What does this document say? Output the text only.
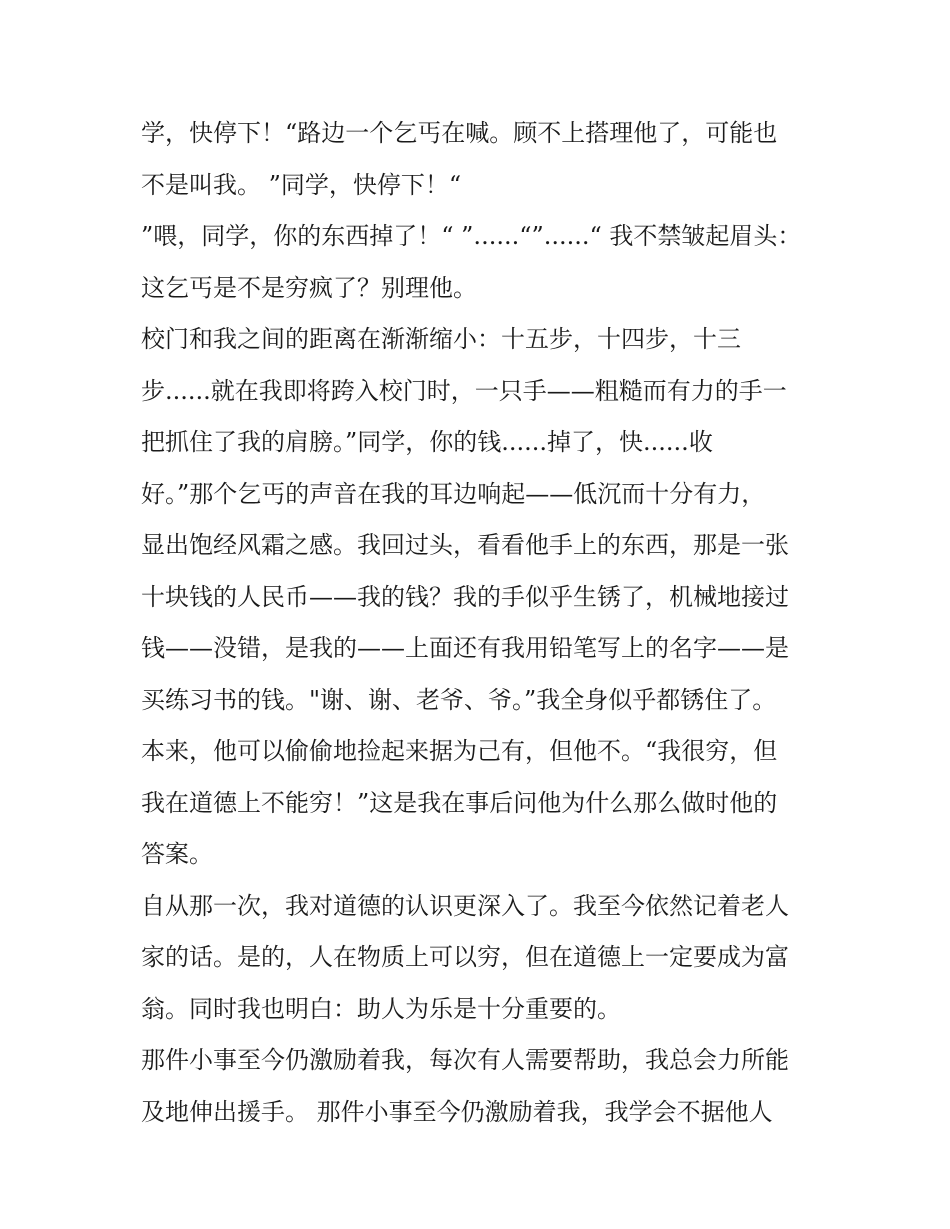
学，快停下！“路边一个乞丐在喊。顾不上搭理他了，可能也
不是叫我。 ”同学，快停下！“
”喂，同学，你的东西掉了！“ ”......“”......“ 我不禁皱起眉头：
这乞丐是不是穷疯了？别理他。
校门和我之间的距离在渐渐缩小：十五步，十四步，十三
步......就在我即将跨入校门时，一只手——粗糙而有力的手一
把抓住了我的肩膀。”同学，你的钱......掉了，快......收
好。”那个乞丐的声音在我的耳边响起——低沉而十分有力，
显出饱经风霜之感。我回过头，看看他手上的东西，那是一张
十块钱的人民币——我的钱？我的手似乎生锈了，机械地接过
钱——没错，是我的——上面还有我用铅笔写上的名字——是
买练习书的钱。"谢、谢、老爷、爷。”我全身似乎都锈住了。
本来，他可以偷偷地捡起来据为己有，但他不。“我很穷，但
我在道德上不能穷！”这是我在事后问他为什么那么做时他的
答案。
自从那一次，我对道德的认识更深入了。我至今依然记着老人
家的话。是的，人在物质上可以穷，但在道德上一定要成为富
翁。同时我也明白：助人为乐是十分重要的。
那件小事至今仍激励着我，每次有人需要帮助，我总会力所能
及地伸出援手。 那件小事至今仍激励着我，我学会不据他人
